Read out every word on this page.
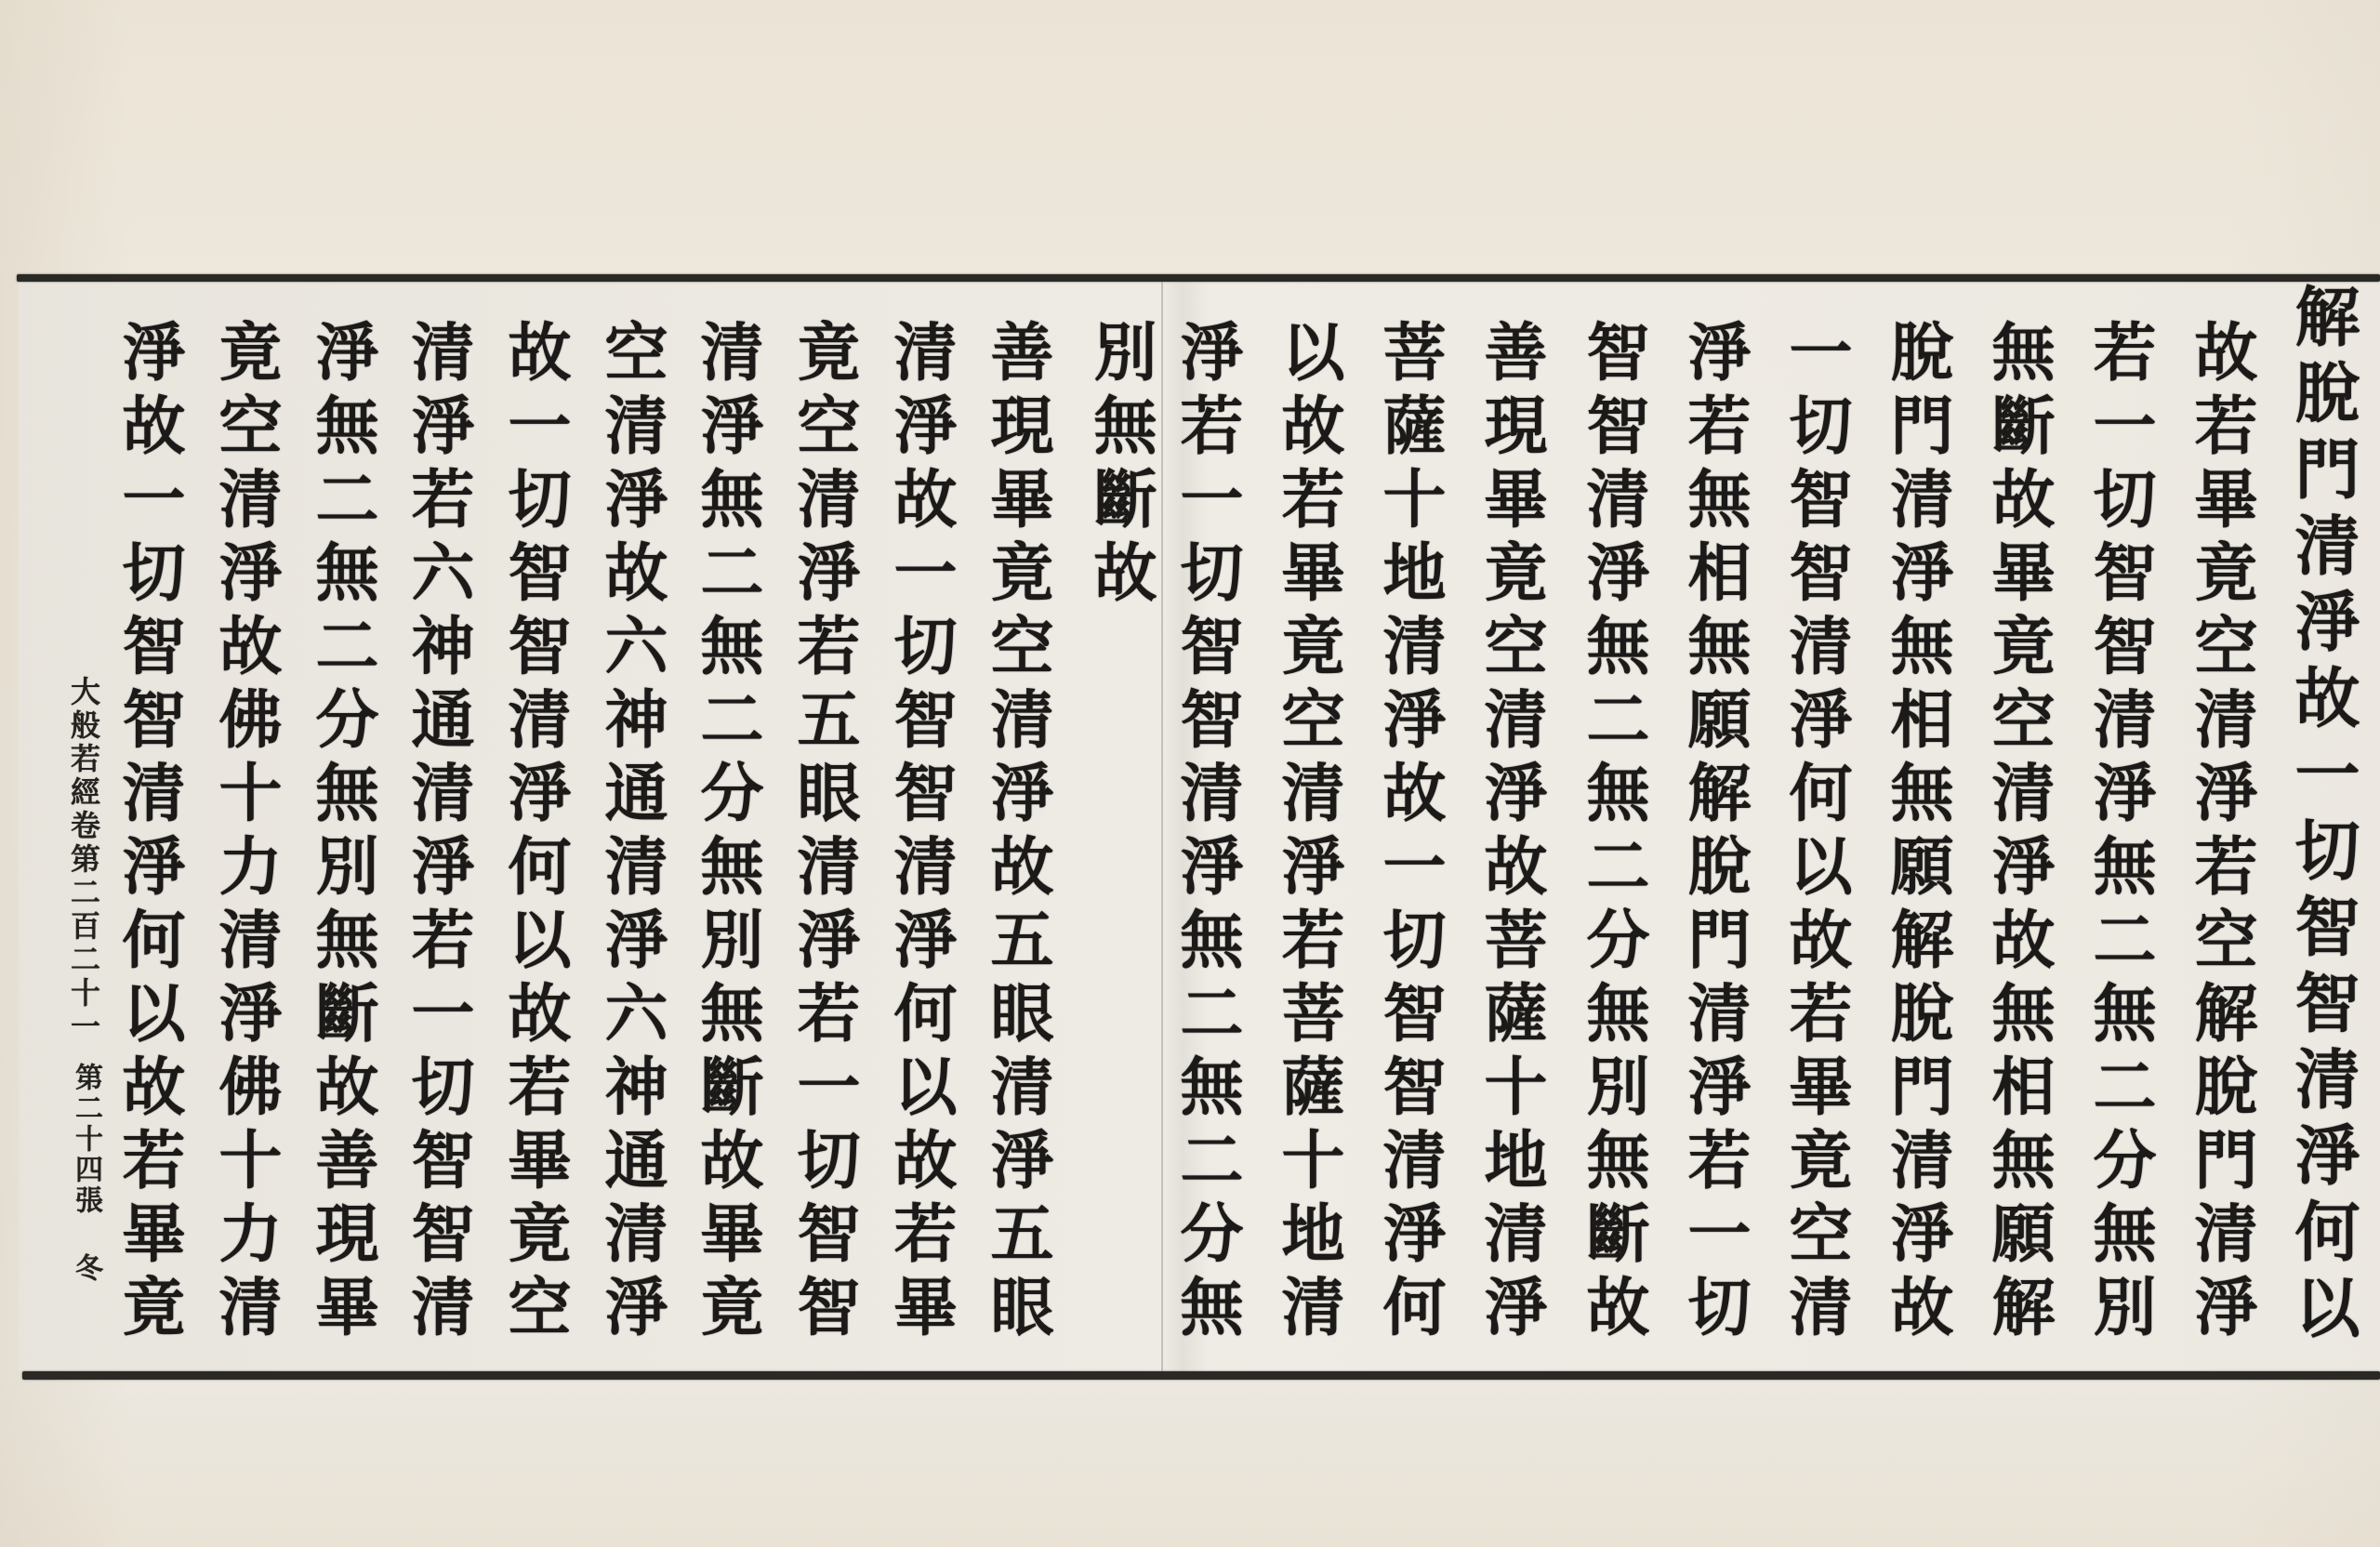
解脫門清淨故一切智智清淨何以
故若畢竟空清淨若空解脫門清淨
若一切智智清淨無二無二分無別
無斷故畢竟空清淨故無相無願解
脫門清淨無相無願解脫門清淨故
一切智智清淨何以故若畢竟空清
淨若無相無願解脫門清淨若一切
智智清淨無二無二分無別無斷故
善現畢竟空清淨故菩薩十地清淨
菩薩十地清淨故一切智智清淨何
以故若畢竟空清淨若菩薩十地清
淨若一切智智清淨無二無二分無
別無斷故
善現畢竟空清淨故五眼清淨五眼
清淨故一切智智清淨何以故若畢
竟空清淨若五眼清淨若一切智智
清淨無二無二分無別無斷故畢竟
空清淨故六神通清淨六神通清淨
故一切智智清淨何以故若畢竟空
清淨若六神通清淨若一切智智清
淨無二無二分無別無斷故善現畢
竟空清淨故佛十力清淨佛十力清
淨故一切智智清淨何以故若畢竟
大般若經卷第二百二十一
第二十四張
冬
